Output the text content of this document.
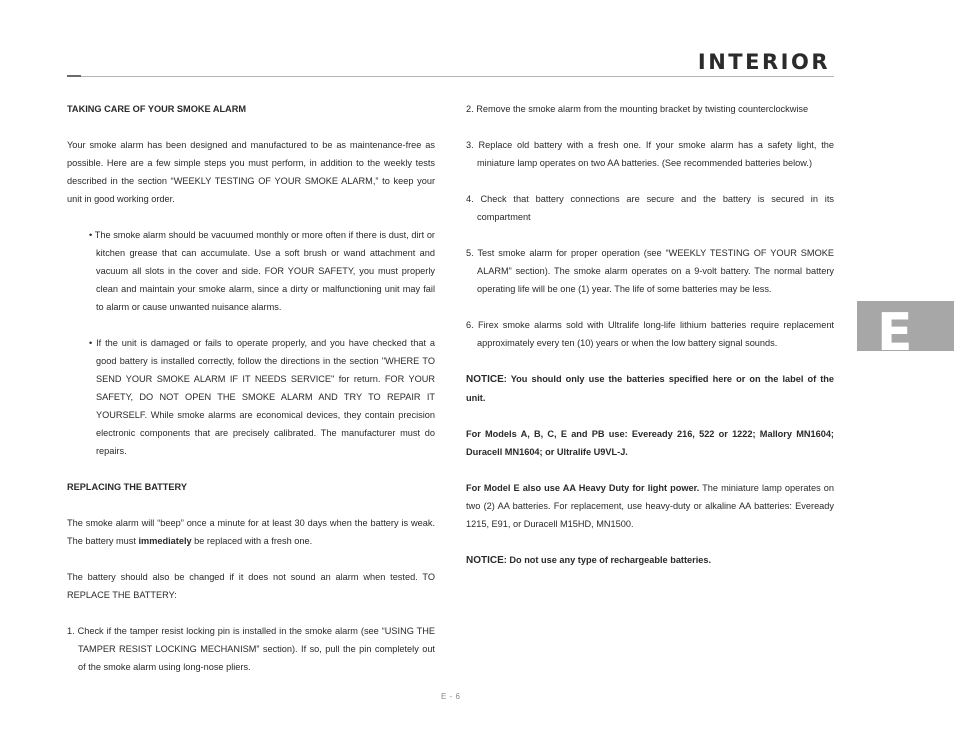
INTERIOR
E

TAKING CARE OF YOUR SMOKE ALARM

Your smoke alarm has been designed and manufactured to be as maintenance-free as possible. Here are a few simple steps you must perform, in addition to the weekly tests described in the section “WEEKLY TESTING OF YOUR SMOKE ALARM,” to keep your unit in good working order.

• The smoke alarm should be vacuumed monthly or more often if there is dust, dirt or kitchen grease that can accumulate. Use a soft brush or wand attachment and vacuum all slots in the cover and side. FOR YOUR SAFETY, you must properly clean and maintain your smoke alarm, since a dirty or malfunctioning unit may fail to alarm or cause unwanted nuisance alarms.

• If the unit is damaged or fails to operate properly, and you have checked that a good battery is installed correctly, follow the directions in the section "WHERE TO SEND YOUR SMOKE ALARM IF IT NEEDS SERVICE" for return. FOR YOUR SAFETY, DO NOT OPEN THE SMOKE ALARM AND TRY TO REPAIR IT YOURSELF. While smoke alarms are economical devices, they contain precision electronic components that are precisely calibrated. The manufacturer must do repairs.

REPLACING THE BATTERY

The smoke alarm will “beep” once a minute for at least 30 days when the battery is weak. The battery must immediately be replaced with a fresh one.

The battery should also be changed if it does not sound an alarm when tested. TO REPLACE THE BATTERY:

1. Check if the tamper resist locking pin is installed in the smoke alarm (see “USING THE TAMPER RESIST LOCKING MECHANISM” section). If so, pull the pin completely out of the smoke alarm using long-nose pliers.

2. Remove the smoke alarm from the mounting bracket by twisting counterclockwise

3. Replace old battery with a fresh one. If your smoke alarm has a safety light, the miniature lamp operates on two AA batteries. (See recommended batteries below.)

4. Check that battery connections are secure and the battery is secured in its compartment

5. Test smoke alarm for proper operation (see “WEEKLY TESTING OF YOUR SMOKE ALARM” section). The smoke alarm operates on a 9-volt battery. The normal battery operating life will be one (1) year. The life of some batteries may be less.

6. Firex smoke alarms sold with Ultralife long-life lithium batteries require replacement approximately every ten (10) years or when the low battery signal sounds.

NOTICE: You should only use the batteries specified here or on the label of the unit.

For Models A, B, C, E and PB use: Eveready 216, 522 or 1222; Mallory MN1604; Duracell MN1604; or Ultralife U9VL-J.

For Model E also use AA Heavy Duty for light power. The miniature lamp operates on two (2) AA batteries. For replacement, use heavy-duty or alkaline AA batteries: Eveready 1215, E91, or Duracell M15HD, MN1500.

NOTICE: Do not use any type of rechargeable batteries.

E - 6
